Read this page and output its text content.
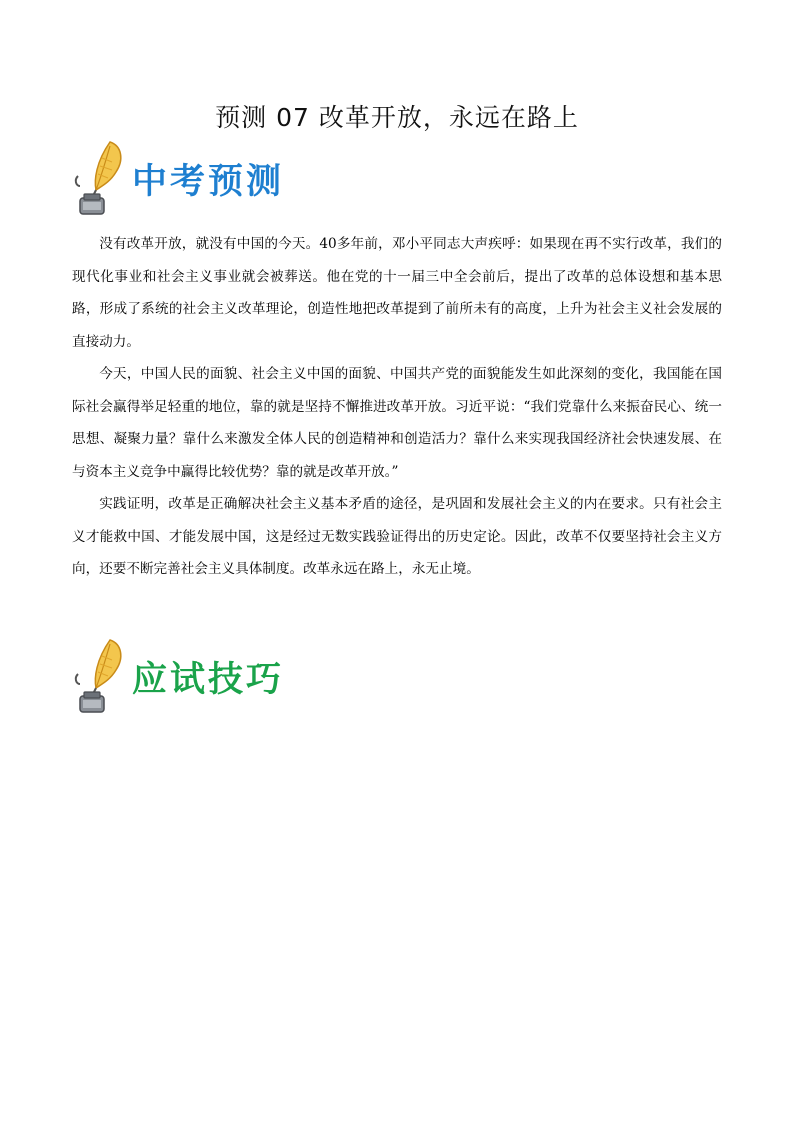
预测 07 改革开放，永远在路上
中考预测

没有改革开放，就没有中国的今天。40多年前，邓小平同志大声疾呼：如果现在再不实行改革，我们的现代化事业和社会主义事业就会被葬送。他在党的十一届三中全会前后，提出了改革的总体设想和基本思路，形成了系统的社会主义改革理论，创造性地把改革提到了前所未有的高度，上升为社会主义社会发展的直接动力。

今天，中国人民的面貌、社会主义中国的面貌、中国共产党的面貌能发生如此深刻的变化，我国能在国际社会赢得举足轻重的地位，靠的就是坚持不懈推进改革开放。习近平说：“我们党靠什么来振奋民心、统一思想、凝聚力量？靠什么来激发全体人民的创造精神和创造活力？靠什么来实现我国经济社会快速发展、在与资本主义竞争中赢得比较优势？靠的就是改革开放。”

实践证明，改革是正确解决社会主义基本矛盾的途径，是巩固和发展社会主义的内在要求。只有社会主义才能救中国、才能发展中国，这是经过无数实践验证得出的历史定论。因此，改革不仅要坚持社会主义方向，还要不断完善社会主义具体制度。改革永远在路上，永无止境。

应试技巧
